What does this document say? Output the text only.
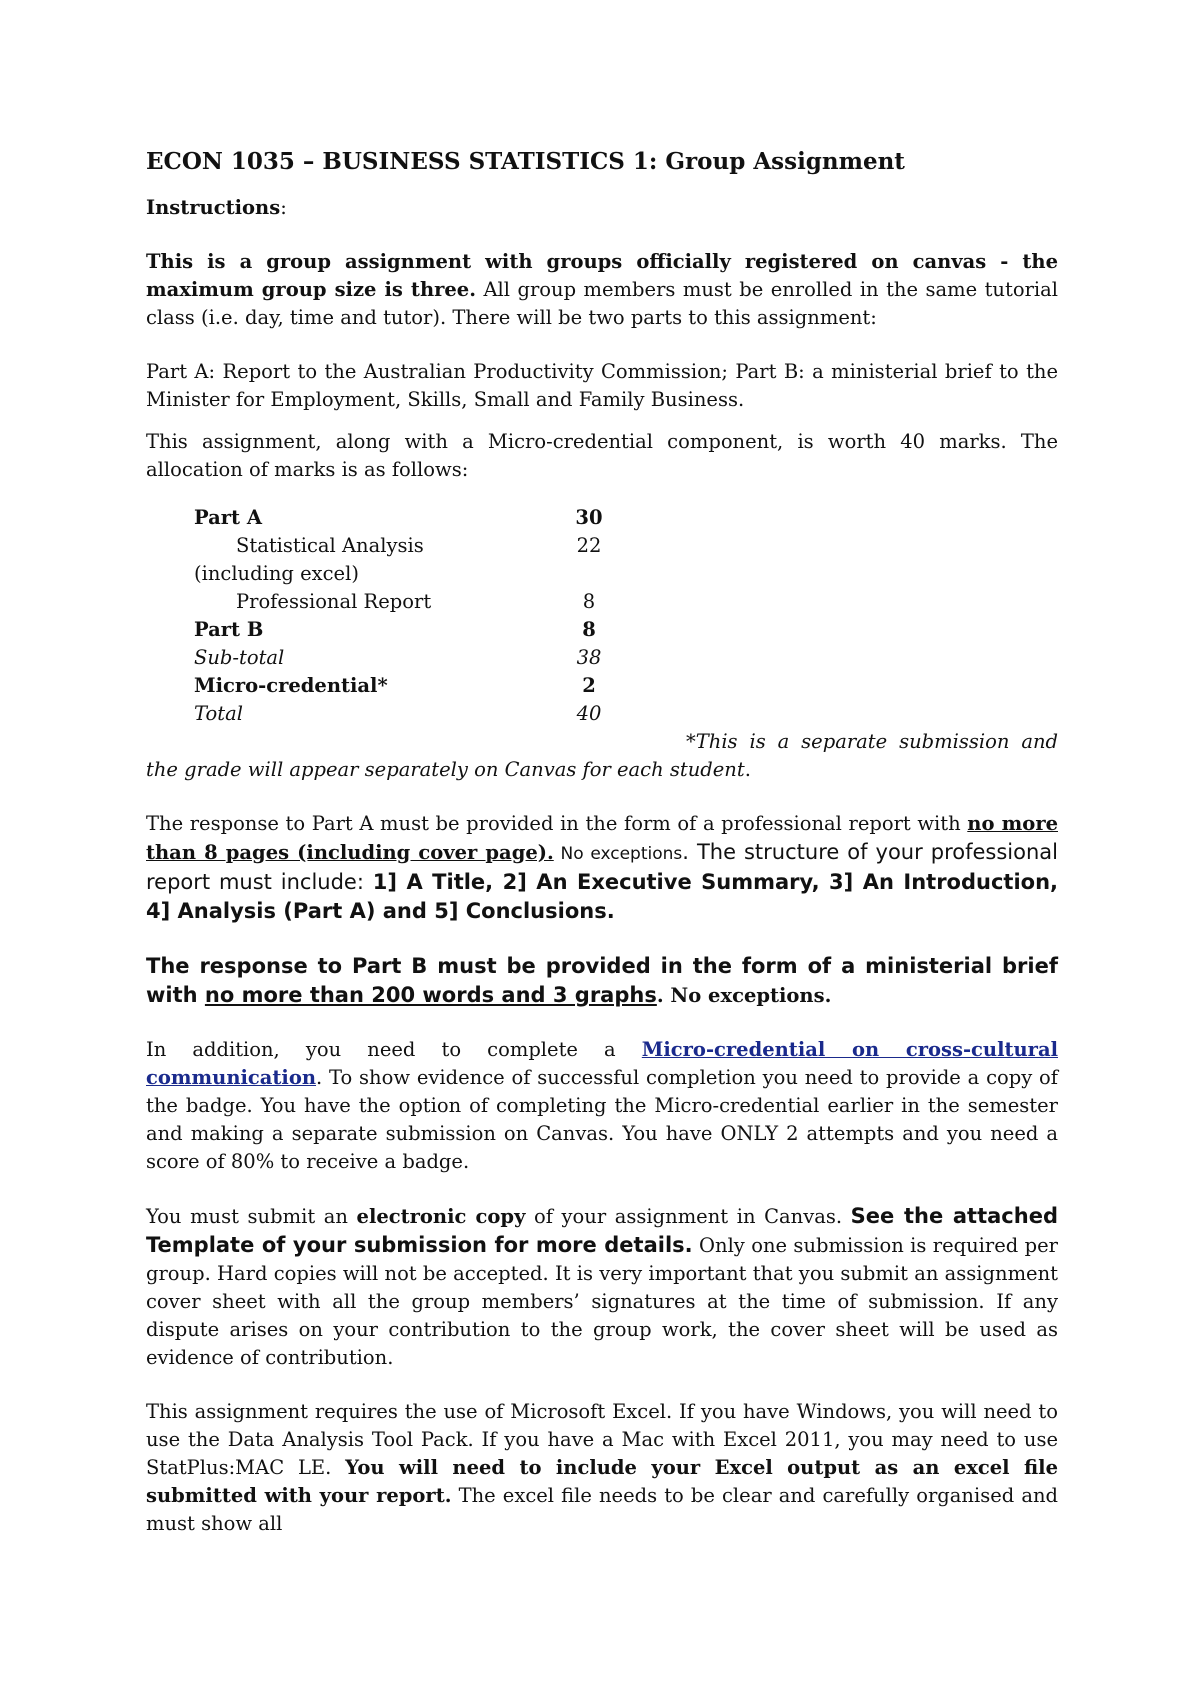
ECON 1035 – BUSINESS STATISTICS 1: Group Assignment

Instructions:

This is a group assignment with groups officially registered on canvas - the maximum group size is three. All group members must be enrolled in the same tutorial class (i.e. day, time and tutor). There will be two parts to this assignment:

Part A: Report to the Australian Productivity Commission; Part B: a ministerial brief to the Minister for Employment, Skills, Small and Family Business.

This assignment, along with a Micro-credential component, is worth 40 marks. The allocation of marks is as follows:

Part A	30
Statistical Analysis	22
(including excel)	
Professional Report	8
Part B	8
Sub-total	38
Micro-credential*	2
Total	40

*This is a separate submission and the grade will appear separately on Canvas for each student.

The response to Part A must be provided in the form of a professional report with no more than 8 pages (including cover page). No exceptions. The structure of your professional report must include: 1] A Title, 2] An Executive Summary, 3] An Introduction, 4] Analysis (Part A) and 5] Conclusions.

The response to Part B must be provided in the form of a ministerial brief with no more than 200 words and 3 graphs. No exceptions.

In addition, you need to complete a Micro-credential on cross-cultural communication. To show evidence of successful completion you need to provide a copy of the badge. You have the option of completing the Micro-credential earlier in the semester and making a separate submission on Canvas. You have ONLY 2 attempts and you need a score of 80% to receive a badge.

You must submit an electronic copy of your assignment in Canvas. See the attached Template of your submission for more details. Only one submission is required per group. Hard copies will not be accepted. It is very important that you submit an assignment cover sheet with all the group members’ signatures at the time of submission. If any dispute arises on your contribution to the group work, the cover sheet will be used as evidence of contribution.

This assignment requires the use of Microsoft Excel. If you have Windows, you will need to use the Data Analysis Tool Pack. If you have a Mac with Excel 2011, you may need to use StatPlus:MAC LE. You will need to include your Excel output as an excel file submitted with your report. The excel file needs to be clear and carefully organised and must show all
